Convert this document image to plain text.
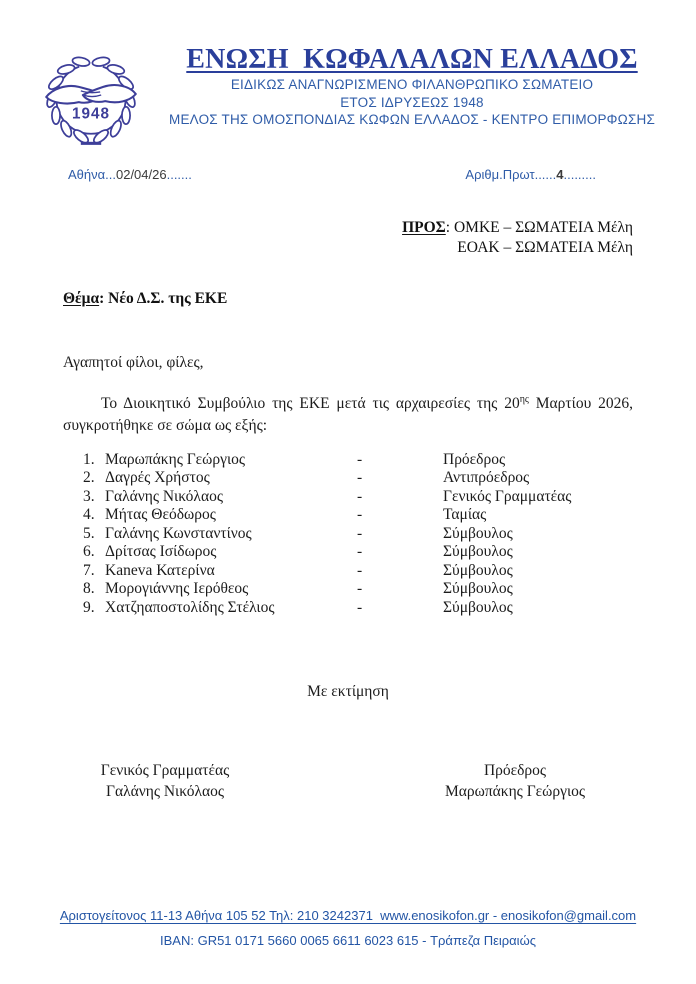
1948
ΕΝΩΣΗ  ΚΩΦΑΛΑΛΩΝ ΕΛΛΑΔΟΣ
ΕΙΔΙΚΩΣ ΑΝΑΓΝΩΡΙΣΜΕΝΟ ΦΙΛΑΝΘΡΩΠΙΚΟ ΣΩΜΑΤΕΙΟ
ΕΤΟΣ ΙΔΡΥΣΕΩΣ 1948
ΜΕΛΟΣ ΤΗΣ ΟΜΟΣΠΟΝΔΙΑΣ ΚΩΦΩΝ ΕΛΛΑΔΟΣ - ΚΕΝΤΡΟ ΕΠΙΜΟΡΦΩΣΗΣ
Αθήνα...02/04/26.......	Αριθμ.Πρωτ......4.........
ΠΡΟΣ: ΟΜΚΕ – ΣΩΜΑΤΕΙΑ Μέλη
ΕΟΑΚ – ΣΩΜΑΤΕΙΑ Μέλη
Θέμα: Νέο Δ.Σ. της ΕΚΕ
Αγαπητοί φίλοι, φίλες,
Το Διοικητικό Συμβούλιο της ΕΚΕ μετά τις αρχαιρεσίες της $20^{\eta\varsigma}$ Μαρτίου 2026,
συγκροτήθηκε σε σώμα ως εξής:
1. Μαρωπάκης Γεώργιος	-	Πρόεδρος
2. Δαγρές Χρήστος	-	Αντιπρόεδρος
3. Γαλάνης Νικόλαος	-	Γενικός Γραμματέας
4. Μήτας Θεόδωρος	-	Ταμίας
5. Γαλάνης Κωνσταντίνος	-	Σύμβουλος
6. Δρίτσας Ισίδωρος	-	Σύμβουλος
7. Kaneva Κατερίνα	-	Σύμβουλος
8. Μορογιάννης Ιερόθεος	-	Σύμβουλος
9. Χατζηαποστολίδης Στέλιος	-	Σύμβουλος
Με εκτίμηση
Γενικός Γραμματέας
Γαλάνης Νικόλαος
Πρόεδρος
Μαρωπάκης Γεώργιος
Αριστογείτονος 11-13 Αθήνα 105 52 Τηλ: 210 3242371  www.enosikofon.gr - enosikofon@gmail.com
IBAN: GR51 0171 5660 0065 6611 6023 615 - Τράπεζα Πειραιώς
